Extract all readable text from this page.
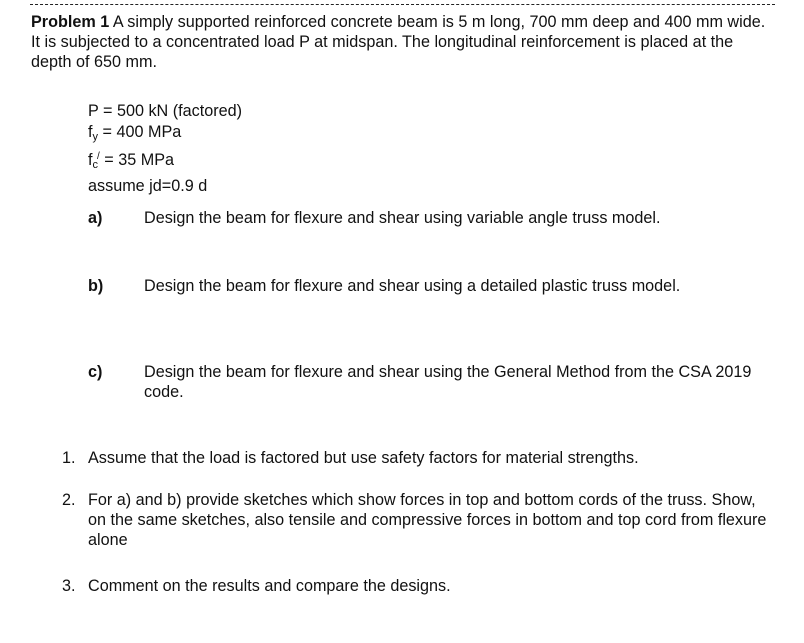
Problem 1 A simply supported reinforced concrete beam is 5 m long, 700 mm deep and 400 mm wide. It is subjected to a concentrated load P at midspan. The longitudinal reinforcement is placed at the depth of 650 mm.
P = 500 kN (factored)
$f_y = 400$ MPa
$f_c^/ = 35$ MPa
assume jd=0.9 d
a)	Design the beam for flexure and shear using variable angle truss model.
b)	Design the beam for flexure and shear using a detailed plastic truss model.
c)	Design the beam for flexure and shear using the General Method from the CSA 2019 code.
1. Assume that the load is factored but use safety factors for material strengths.
2. For a) and b) provide sketches which show forces in top and bottom cords of the truss. Show, on the same sketches, also tensile and compressive forces in bottom and top cord from flexure alone
3. Comment on the results and compare the designs.
